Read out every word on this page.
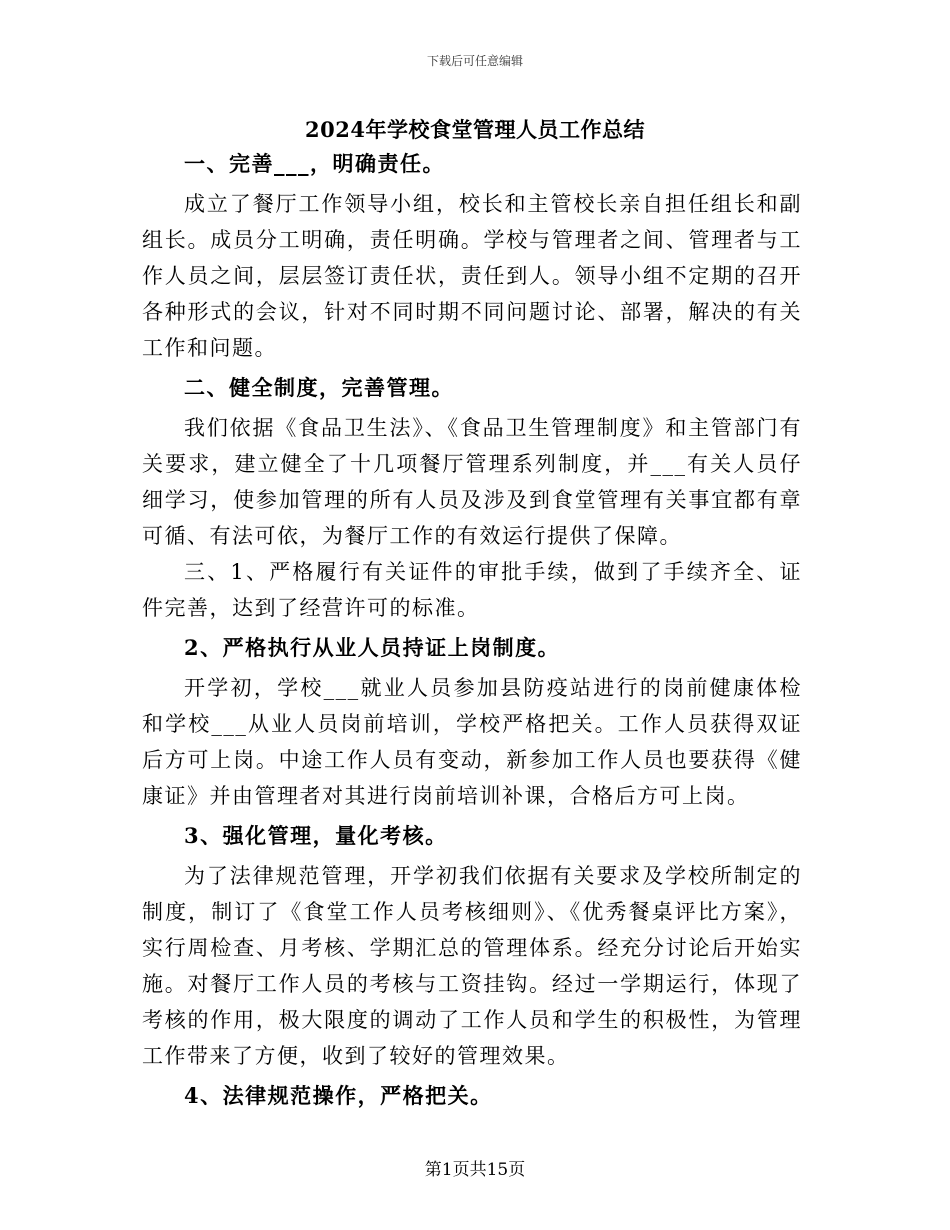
下载后可任意编辑
2024年学校食堂管理人员工作总结

一、完善___，明确责任。

成立了餐厅工作领导小组，校长和主管校长亲自担任组长和副组长。成员分工明确，责任明确。学校与管理者之间、管理者与工作人员之间，层层签订责任状，责任到人。领导小组不定期的召开各种形式的会议，针对不同时期不同问题讨论、部署，解决的有关工作和问题。

二、健全制度，完善管理。

我们依据《食品卫生法》、《食品卫生管理制度》和主管部门有关要求，建立健全了十几项餐厅管理系列制度，并___有关人员仔细学习，使参加管理的所有人员及涉及到食堂管理有关事宜都有章可循、有法可依，为餐厅工作的有效运行提供了保障。

三、1、严格履行有关证件的审批手续，做到了手续齐全、证件完善，达到了经营许可的标准。

2、严格执行从业人员持证上岗制度。

开学初，学校___就业人员参加县防疫站进行的岗前健康体检和学校___从业人员岗前培训，学校严格把关。工作人员获得双证后方可上岗。中途工作人员有变动，新参加工作人员也要获得《健康证》并由管理者对其进行岗前培训补课，合格后方可上岗。

3、强化管理，量化考核。

为了法律规范管理，开学初我们依据有关要求及学校所制定的制度，制订了《食堂工作人员考核细则》、《优秀餐桌评比方案》，实行周检查、月考核、学期汇总的管理体系。经充分讨论后开始实施。对餐厅工作人员的考核与工资挂钩。经过一学期运行，体现了考核的作用，极大限度的调动了工作人员和学生的积极性，为管理工作带来了方便，收到了较好的管理效果。

4、法律规范操作，严格把关。

第1页共15页
